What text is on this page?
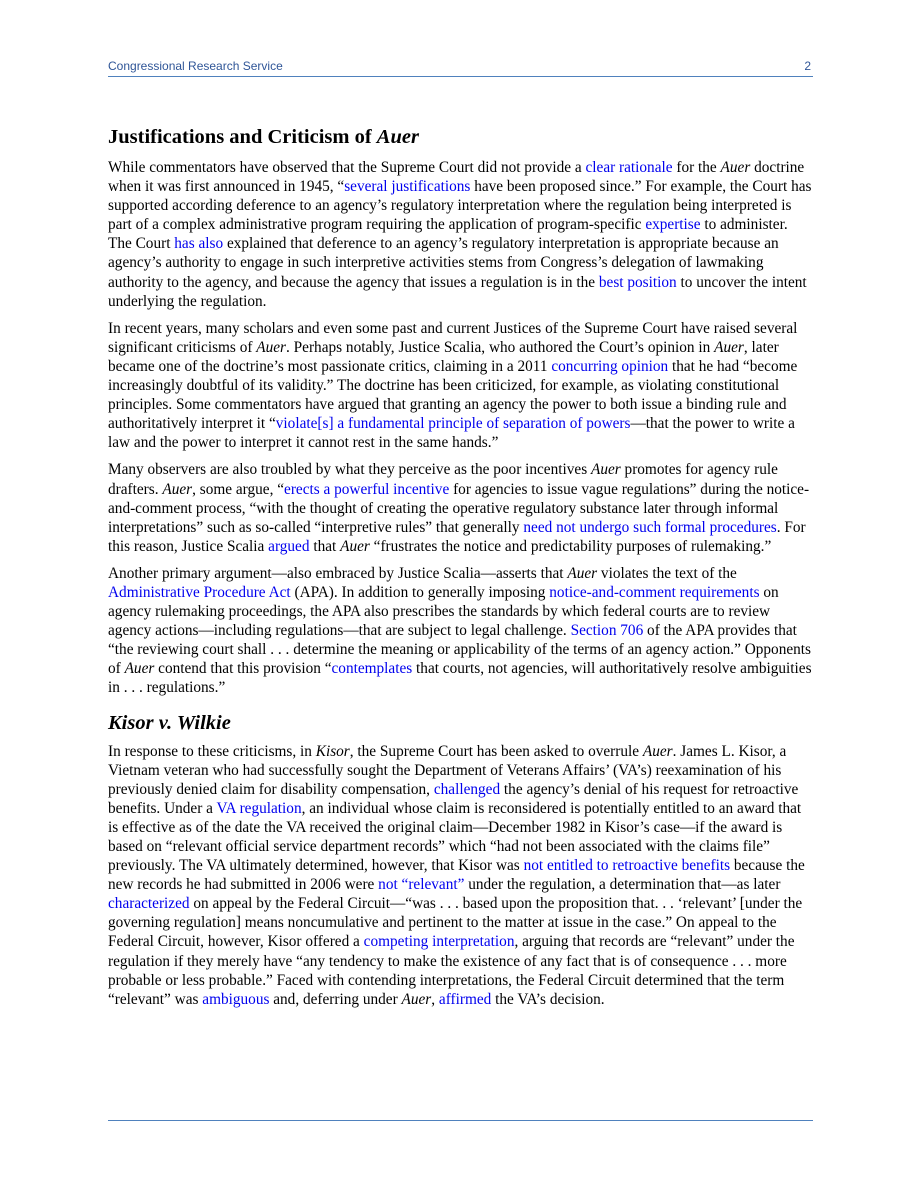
Congressional Research Service	2
Justifications and Criticism of Auer

While commentators have observed that the Supreme Court did not provide a clear rationale for the Auer doctrine when it was first announced in 1945, “several justifications have been proposed since.” For example, the Court has supported according deference to an agency’s regulatory interpretation where the regulation being interpreted is part of a complex administrative program requiring the application of program-specific expertise to administer. The Court has also explained that deference to an agency’s regulatory interpretation is appropriate because an agency’s authority to engage in such interpretive activities stems from Congress’s delegation of lawmaking authority to the agency, and because the agency that issues a regulation is in the best position to uncover the intent underlying the regulation.

In recent years, many scholars and even some past and current Justices of the Supreme Court have raised several significant criticisms of Auer. Perhaps notably, Justice Scalia, who authored the Court’s opinion in Auer, later became one of the doctrine’s most passionate critics, claiming in a 2011 concurring opinion that he had “become increasingly doubtful of its validity.” The doctrine has been criticized, for example, as violating constitutional principles. Some commentators have argued that granting an agency the power to both issue a binding rule and authoritatively interpret it “violate[s] a fundamental principle of separation of powers—that the power to write a law and the power to interpret it cannot rest in the same hands.”

Many observers are also troubled by what they perceive as the poor incentives Auer promotes for agency rule drafters. Auer, some argue, “erects a powerful incentive for agencies to issue vague regulations” during the notice-and-comment process, “with the thought of creating the operative regulatory substance later through informal interpretations” such as so-called “interpretive rules” that generally need not undergo such formal procedures. For this reason, Justice Scalia argued that Auer “frustrates the notice and predictability purposes of rulemaking.”

Another primary argument—also embraced by Justice Scalia—asserts that Auer violates the text of the Administrative Procedure Act (APA). In addition to generally imposing notice-and-comment requirements on agency rulemaking proceedings, the APA also prescribes the standards by which federal courts are to review agency actions—including regulations—that are subject to legal challenge. Section 706 of the APA provides that “the reviewing court shall . . . determine the meaning or applicability of the terms of an agency action.” Opponents of Auer contend that this provision “contemplates that courts, not agencies, will authoritatively resolve ambiguities in . . . regulations.”

Kisor v. Wilkie

In response to these criticisms, in Kisor, the Supreme Court has been asked to overrule Auer. James L. Kisor, a Vietnam veteran who had successfully sought the Department of Veterans Affairs’ (VA’s) reexamination of his previously denied claim for disability compensation, challenged the agency’s denial of his request for retroactive benefits. Under a VA regulation, an individual whose claim is reconsidered is potentially entitled to an award that is effective as of the date the VA received the original claim—December 1982 in Kisor’s case—if the award is based on “relevant official service department records” which “had not been associated with the claims file” previously. The VA ultimately determined, however, that Kisor was not entitled to retroactive benefits because the new records he had submitted in 2006 were not “relevant” under the regulation, a determination that—as later characterized on appeal by the Federal Circuit—“was . . . based upon the proposition that. . . ‘relevant’ [under the governing regulation] means noncumulative and pertinent to the matter at issue in the case.” On appeal to the Federal Circuit, however, Kisor offered a competing interpretation, arguing that records are “relevant” under the regulation if they merely have “any tendency to make the existence of any fact that is of consequence . . . more probable or less probable.” Faced with contending interpretations, the Federal Circuit determined that the term “relevant” was ambiguous and, deferring under Auer, affirmed the VA’s decision.
